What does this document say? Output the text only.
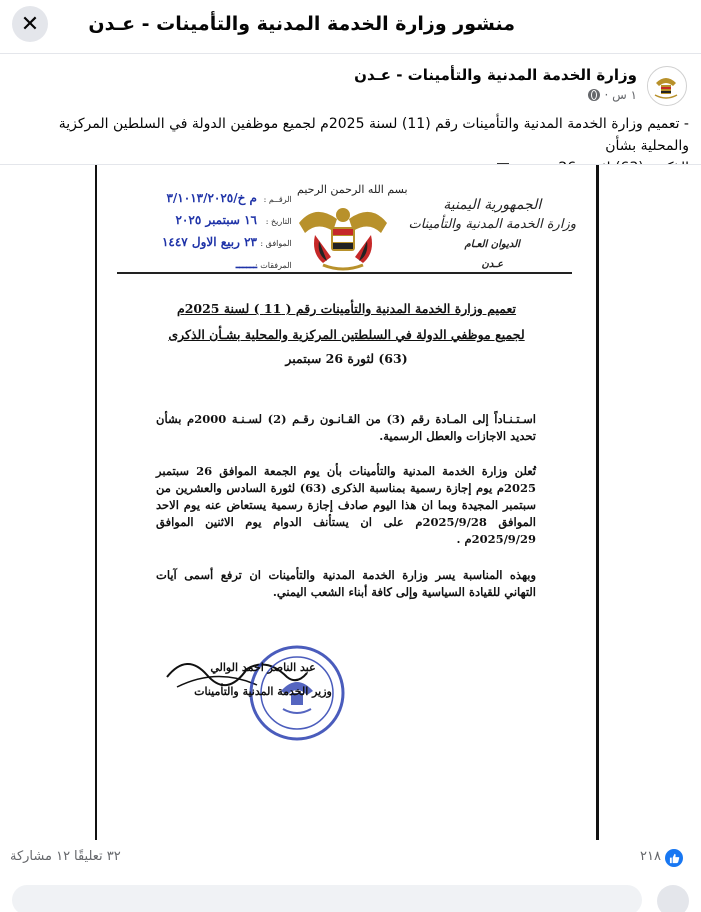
منشور وزارة الخدمة المدنية والتأمينات - عـدن
✕
وزارة الخدمة المدنية والتأمينات - عـدن
١ س ·
- تعميم وزارة الخدمة المدنية والتأمينات رقم (11) لسنة 2025م لجميع موظفين الدولة في السلطين المركزية والمحلية بشأن
بسم الله الرحمن الرحيم
الجمهورية اليمنية
وزارة الخدمة المدنية والتأمينات
الديوان العـام
عـدن
الرقــم :
التاريخ :
الموافق :
المرفقات :
م خ/٣/١٠١٣/٢٠٢٥
١٦ سبتمبر ٢٠٢٥
٢٣ ربيع الاول ١٤٤٧
ــــــ
تعميم وزارة الخدمة المدنية والتأمينات رقم ( 11 ) لسنة 2025م
لجميع موظفي الدولة في السلطتين المركزية والمحلية بشـأن الذكرى
(63) لثورة 26 سبتمبر
اسـتـنـاداً إلى المـادة رقم (3) من القـانـون رقـم (2) لسـنـة 2000م بشأن تحديد الاجازات والعطل الرسمية.
تُعلن وزارة الخدمة المدنية والتأمينات بأن يوم الجمعة الموافق 26 سبتمبر 2025م يوم إجازة رسمية بمناسبة الذكرى (63) لثورة السادس والعشرين من سبتمبر المجيدة وبما ان هذا اليوم صادف إجازة رسمية يستعاض عنه يوم الاحد الموافق 2025/9/28م على ان يستأنف الدوام يوم الاثنين الموافق 2025/9/29م .
وبهذه المناسبة يسر وزارة الخدمة المدنية والتأمينات ان ترفع أسمى آيات التهاني للقيادة السياسية وإلى كافة أبناء الشعب اليمني.
عبد الناصر احمد الوالي
وزير الخدمة المدنية والتأمينات
٢١٨
٣٢ تعليقًا
١٢ مشاركة
